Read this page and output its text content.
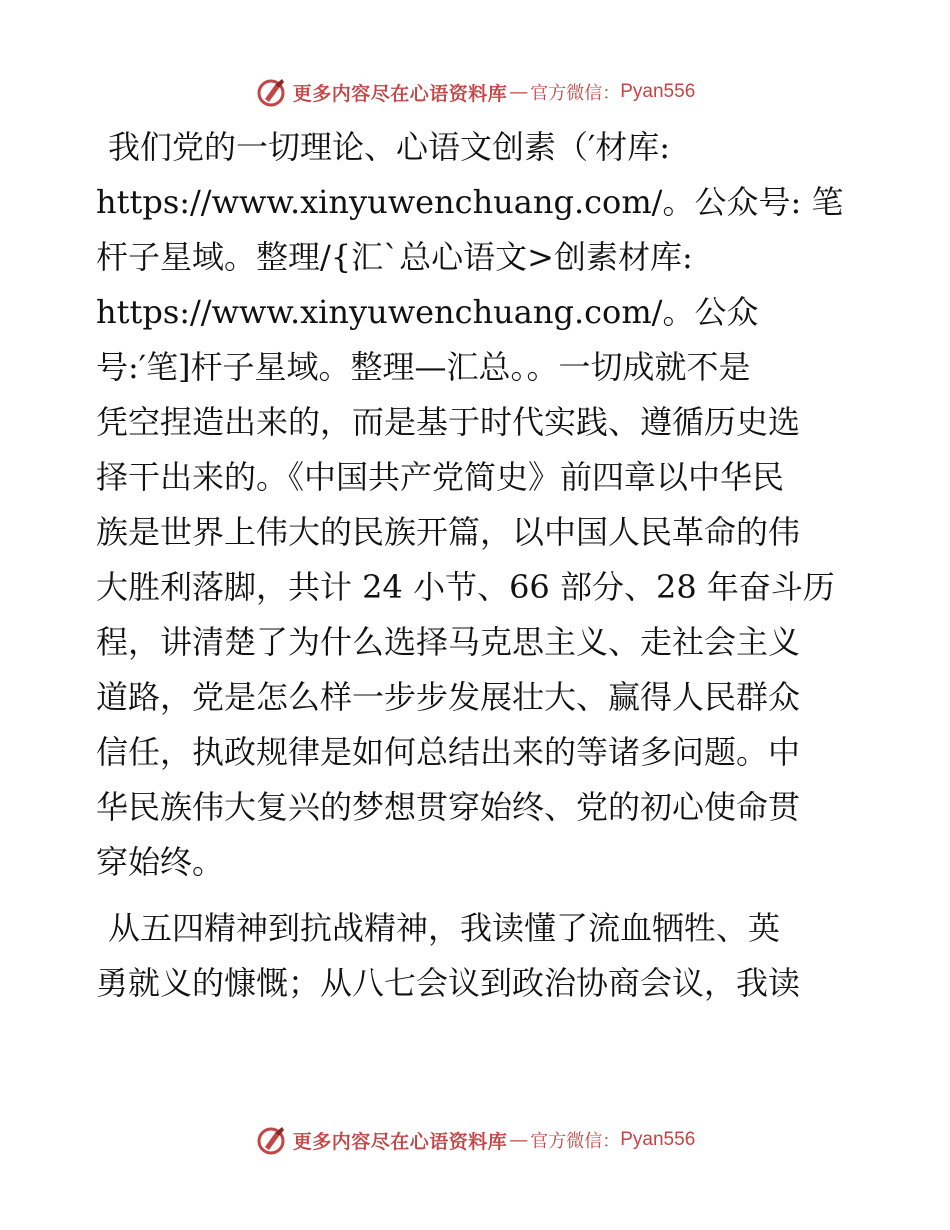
更多内容尽在心语资料库 — 官方微信： Pyan556

我们党的一切理论、心语文创素（′材库:
https://www.xinyuwenchuang.com/。公众号: 笔
杆子星域。整理/{汇`总心语文>创素材库:
https://www.xinyuwenchuang.com/。公众
号:′笔]杆子星域。整理—汇总。。一切成就不是
凭空捏造出来的，而是基于时代实践、遵循历史选
择干出来的。《中国共产党简史》前四章以中华民
族是世界上伟大的民族开篇，以中国人民革命的伟
大胜利落脚，共计 24 小节、66 部分、28 年奋斗历
程，讲清楚了为什么选择马克思主义、走社会主义
道路，党是怎么样一步步发展壮大、赢得人民群众
信任，执政规律是如何总结出来的等诸多问题。中
华民族伟大复兴的梦想贯穿始终、党的初心使命贯
穿始终。

从五四精神到抗战精神，我读懂了流血牺牲、英
勇就义的慷慨；从八七会议到政治协商会议，我读

更多内容尽在心语资料库 — 官方微信： Pyan556
